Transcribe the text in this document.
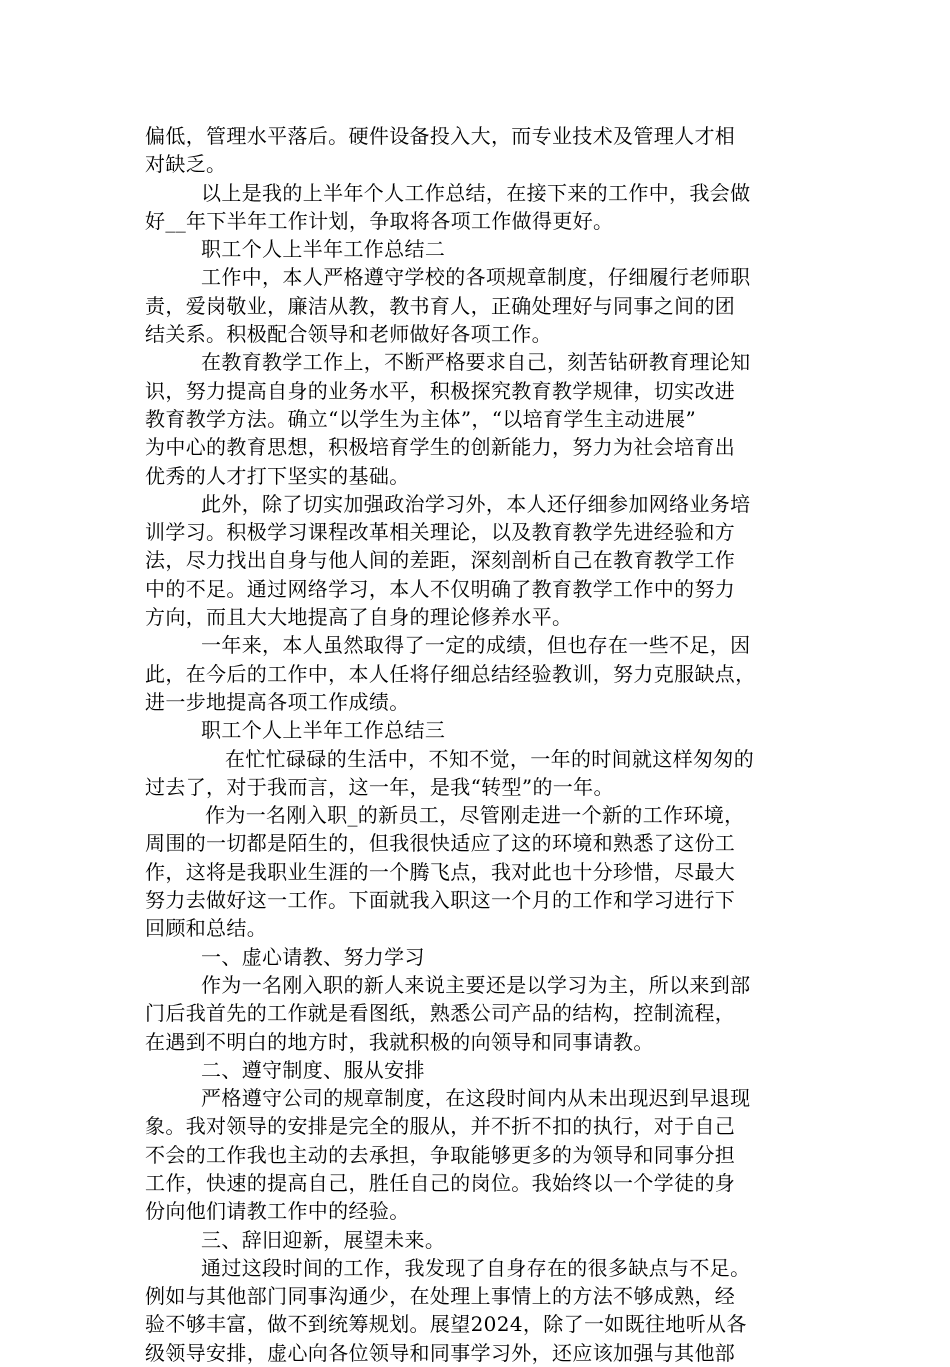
偏低，管理水平落后。硬件设备投入大，而专业技术及管理人才相
对缺乏。
以上是我的上半年个人工作总结，在接下来的工作中，我会做
好__年下半年工作计划，争取将各项工作做得更好。
职工个人上半年工作总结二
工作中，本人严格遵守学校的各项规章制度，仔细履行老师职
责，爱岗敬业，廉洁从教，教书育人，正确处理好与同事之间的团
结关系。积极配合领导和老师做好各项工作。
在教育教学工作上，不断严格要求自己，刻苦钻研教育理论知
识，努力提高自身的业务水平，积极探究教育教学规律，切实改进
教育教学方法。确立“以学生为主体”，“以培育学生主动进展”
为中心的教育思想，积极培育学生的创新能力，努力为社会培育出
优秀的人才打下坚实的基础。
此外，除了切实加强政治学习外，本人还仔细参加网络业务培
训学习。积极学习课程改革相关理论，以及教育教学先进经验和方
法，尽力找出自身与他人间的差距，深刻剖析自己在教育教学工作
中的不足。通过网络学习，本人不仅明确了教育教学工作中的努力
方向，而且大大地提高了自身的理论修养水平。
一年来，本人虽然取得了一定的成绩，但也存在一些不足，因
此，在今后的工作中，本人任将仔细总结经验教训，努力克服缺点，
进一步地提高各项工作成绩。
职工个人上半年工作总结三
在忙忙碌碌的生活中，不知不觉，一年的时间就这样匆匆的
过去了，对于我而言，这一年，是我“转型”的一年。
作为一名刚入职_的新员工，尽管刚走进一个新的工作环境，
周围的一切都是陌生的，但我很快适应了这的环境和熟悉了这份工
作，这将是我职业生涯的一个腾飞点，我对此也十分珍惜，尽最大
努力去做好这一工作。下面就我入职这一个月的工作和学习进行下
回顾和总结。
一、虚心请教、努力学习
作为一名刚入职的新人来说主要还是以学习为主，所以来到部
门后我首先的工作就是看图纸，熟悉公司产品的结构，控制流程，
在遇到不明白的地方时，我就积极的向领导和同事请教。
二、遵守制度、服从安排
严格遵守公司的规章制度，在这段时间内从未出现迟到早退现
象。我对领导的安排是完全的服从，并不折不扣的执行，对于自己
不会的工作我也主动的去承担，争取能够更多的为领导和同事分担
工作，快速的提高自己，胜任自己的岗位。我始终以一个学徒的身
份向他们请教工作中的经验。
三、辞旧迎新，展望未来。
通过这段时间的工作，我发现了自身存在的很多缺点与不足。
例如与其他部门同事沟通少，在处理上事情上的方法不够成熟，经
验不够丰富，做不到统筹规划。展望2024，除了一如既往地听从各
级领导安排，虚心向各位领导和同事学习外，还应该加强与其他部
